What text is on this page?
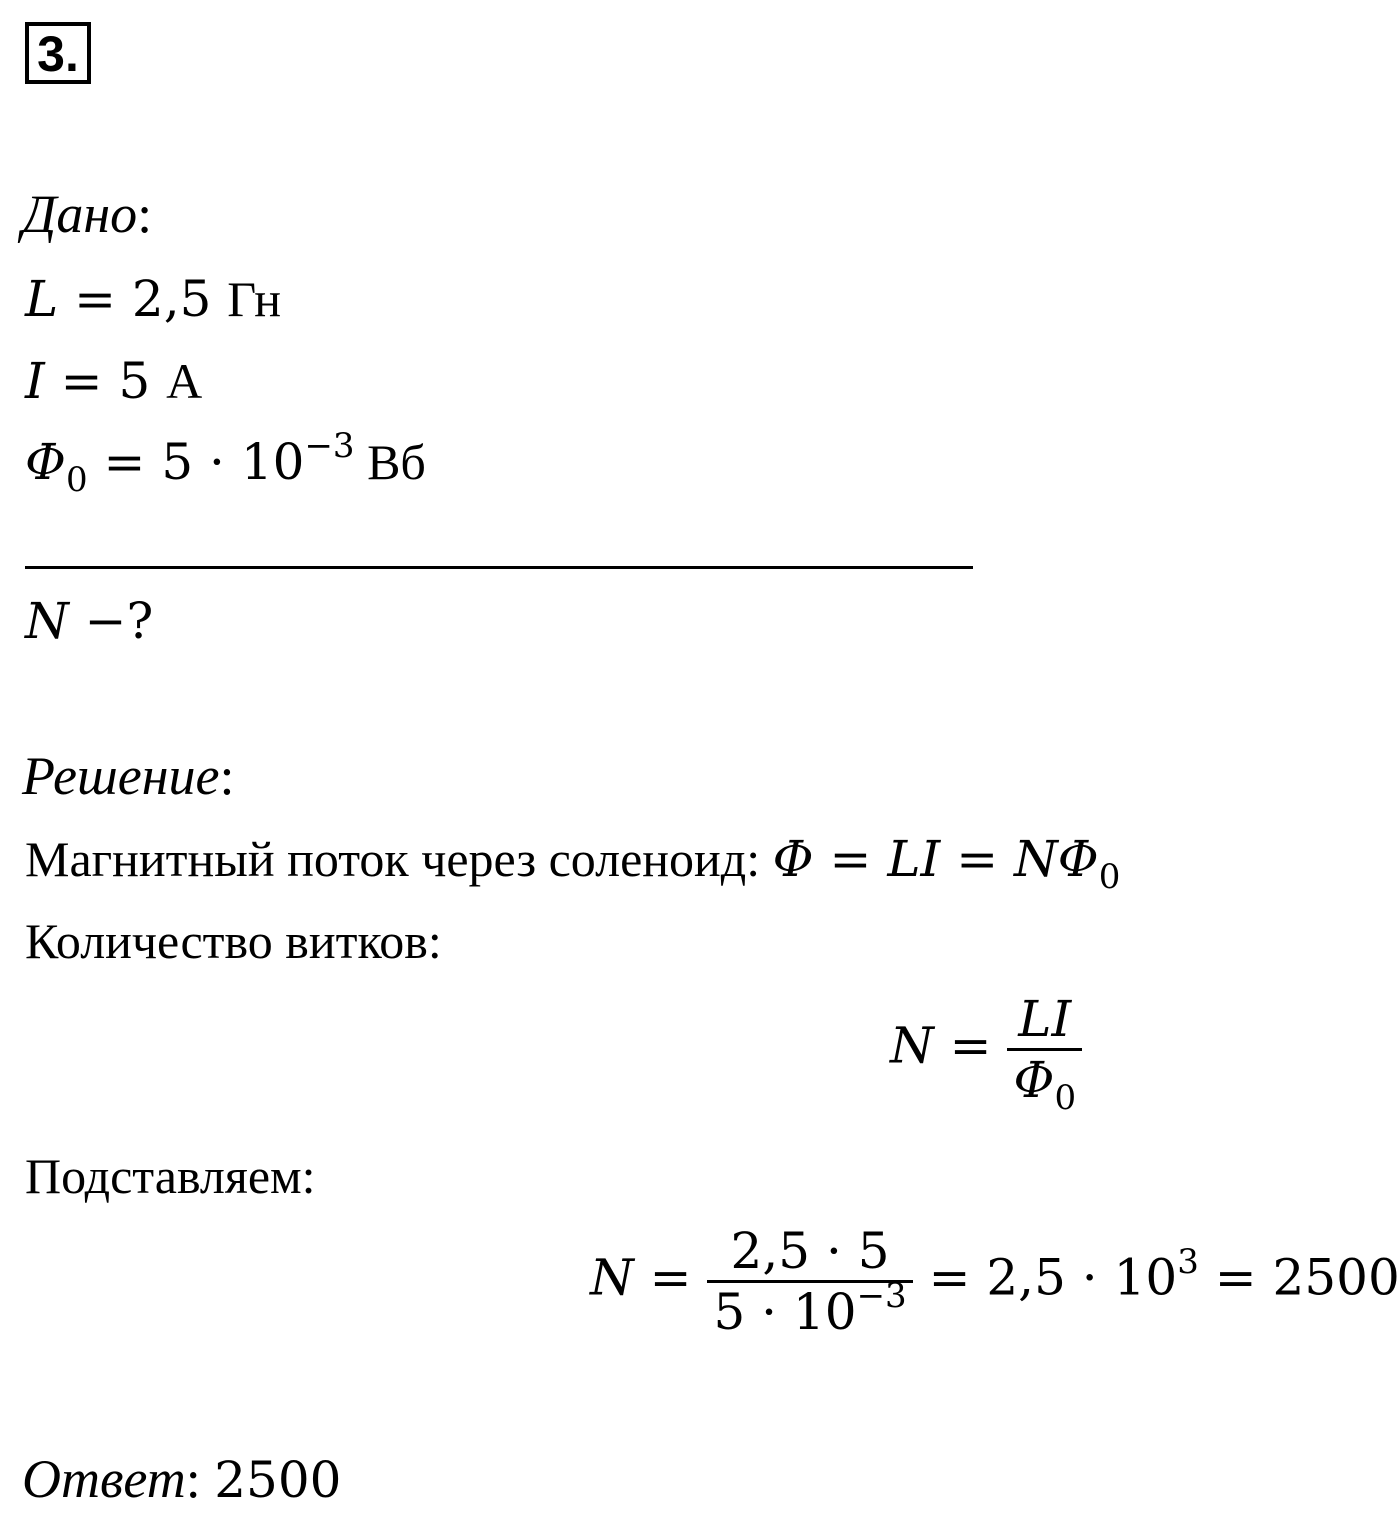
3.
Дано:
L = 2,5 Гн
I = 5 А
$\Phi_0 = 5 \cdot 10^{-3}$ Вб
N −?
Решение:
Магнитный поток через соленоид: Φ = LI = $N\Phi_0$
Количество витков:
$N = \frac{LI}{\Phi_0}$
Подставляем:
$N = \frac{2,5 \cdot 5}{5 \cdot 10^{-3}} = 2,5 \cdot 10^3 = 2500$
Ответ: 2500
